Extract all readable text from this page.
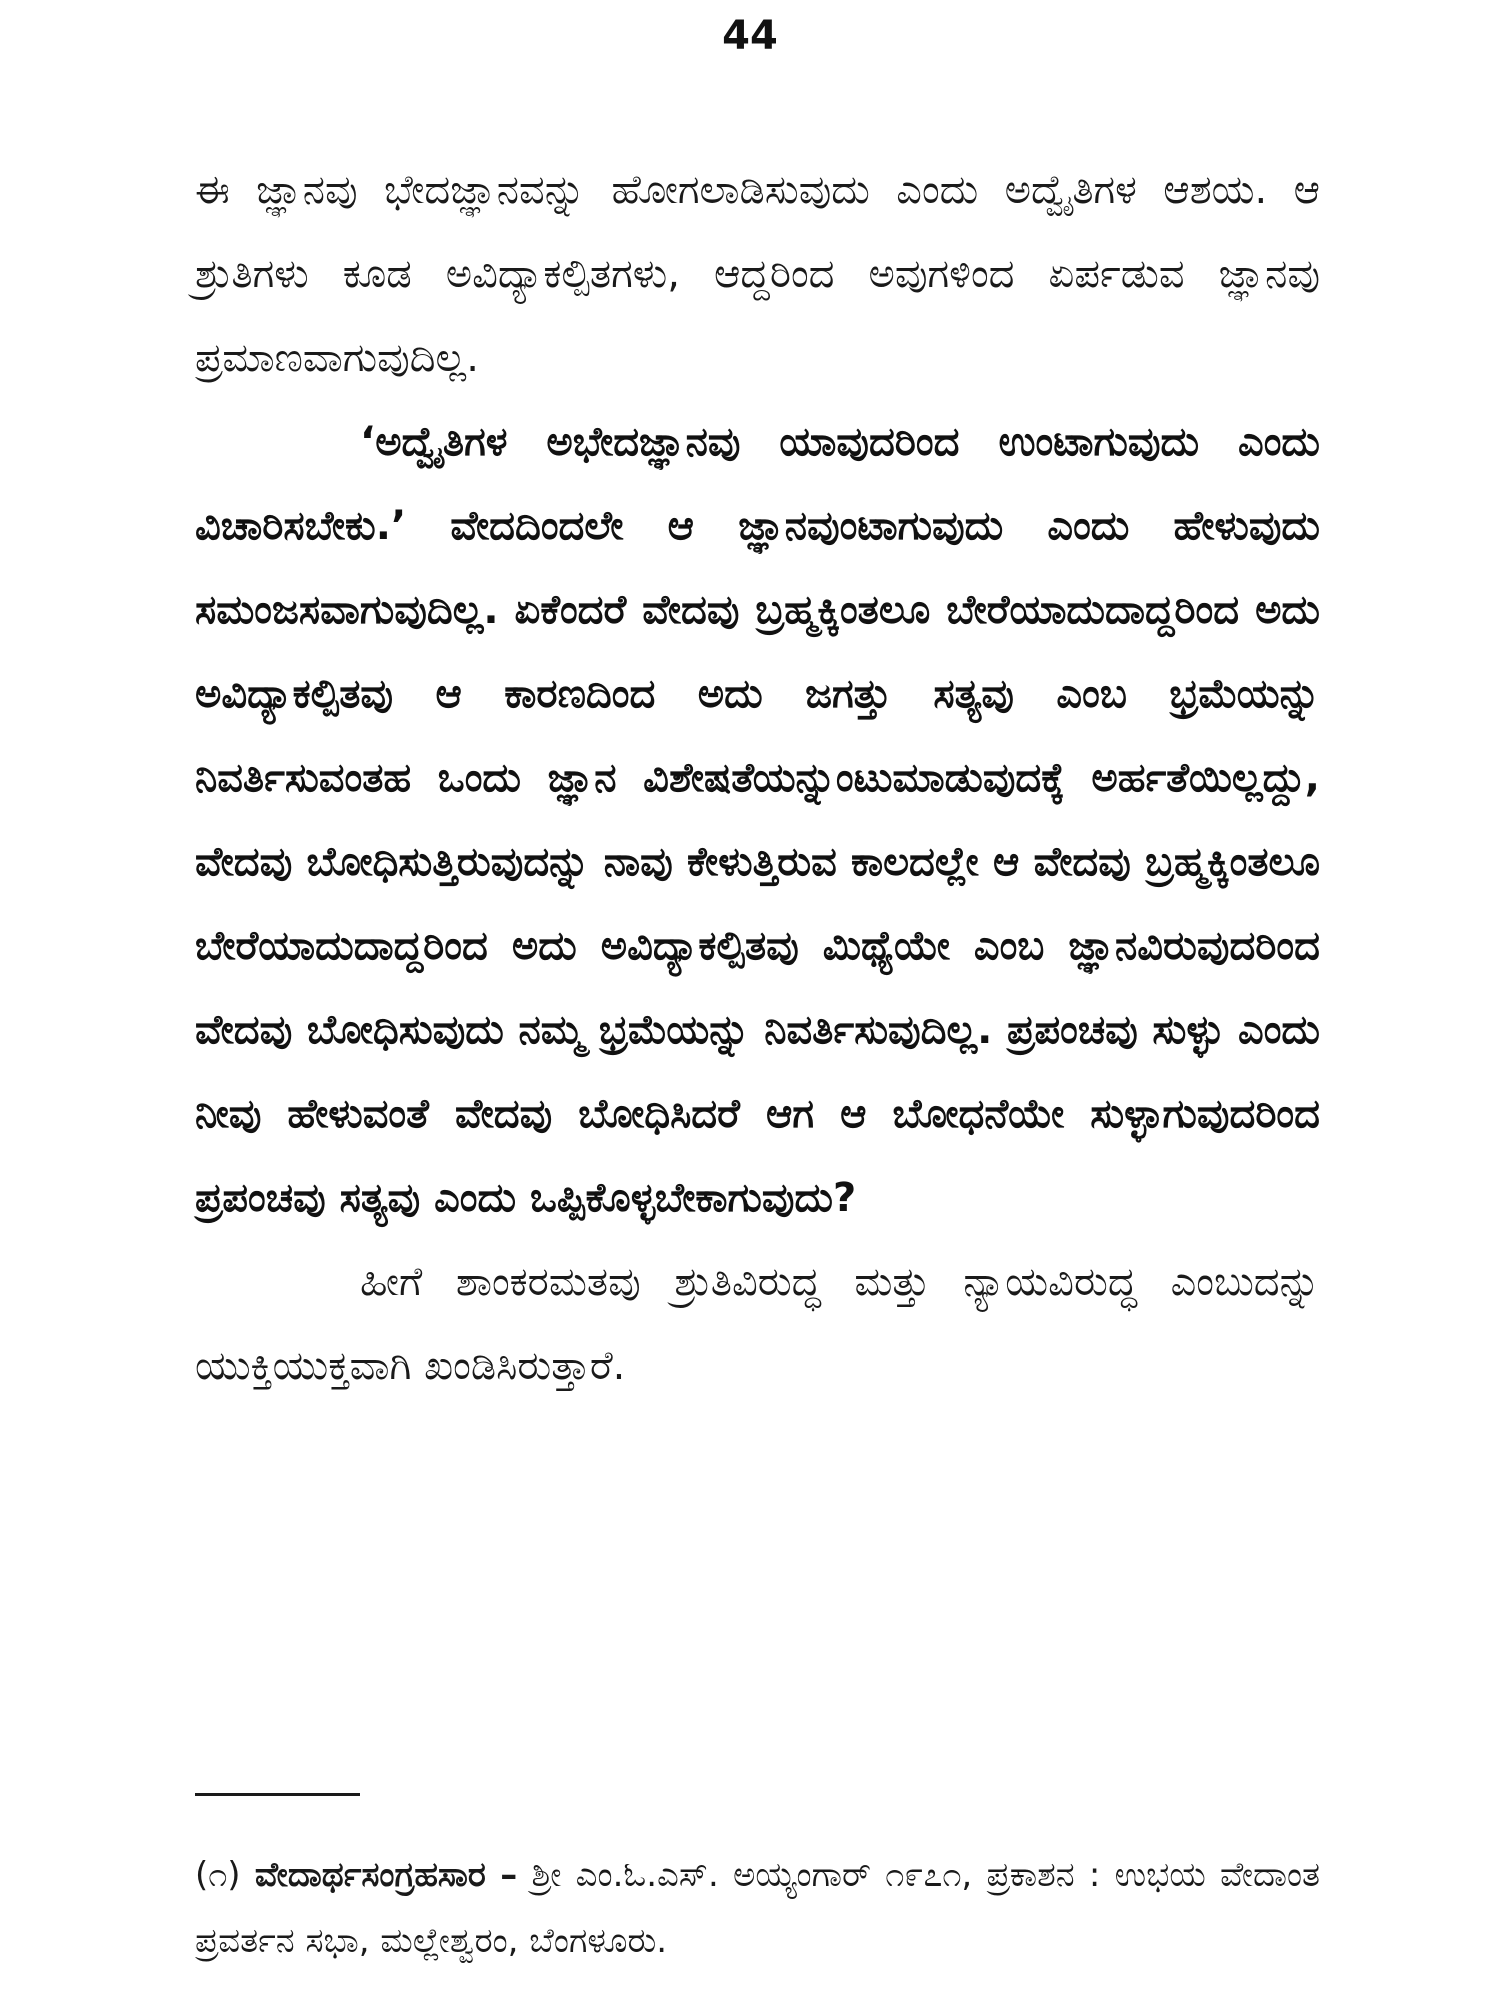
44

ಈ ಜ್ಞಾನವು ಭೇದಜ್ಞಾನವನ್ನು ಹೋಗಲಾಡಿಸುವುದು ಎಂದು ಅದ್ವೈತಿಗಳ ಆಶಯ. ಆ ಶ್ರುತಿಗಳು ಕೂಡ ಅವಿದ್ಯಾಕಲ್ಪಿತಗಳು, ಆದ್ದರಿಂದ ಅವುಗಳಿಂದ ಏರ್ಪಡುವ ಜ್ಞಾನವು ಪ್ರಮಾಣವಾಗುವುದಿಲ್ಲ.

‘ಅದ್ವೈತಿಗಳ ಅಭೇದಜ್ಞಾನವು ಯಾವುದರಿಂದ ಉಂಟಾಗುವುದು ಎಂದು ವಿಚಾರಿಸಬೇಕು.’ ವೇದದಿಂದಲೇ ಆ ಜ್ಞಾನವುಂಟಾಗುವುದು ಎಂದು ಹೇಳುವುದು ಸಮಂಜಸವಾಗುವುದಿಲ್ಲ. ಏಕೆಂದರೆ ವೇದವು ಬ್ರಹ್ಮಕ್ಕಿಂತಲೂ ಬೇರೆಯಾದುದಾದ್ದರಿಂದ ಅದು ಅವಿದ್ಯಾಕಲ್ಪಿತವು ಆ ಕಾರಣದಿಂದ ಅದು ಜಗತ್ತು ಸತ್ಯವು ಎಂಬ ಭ್ರಮೆಯನ್ನು ನಿವರ್ತಿಸುವಂತಹ ಒಂದು ಜ್ಞಾನ ವಿಶೇಷತೆಯನ್ನುಂಟುಮಾಡುವುದಕ್ಕೆ ಅರ್ಹತೆಯಿಲ್ಲದ್ದು, ವೇದವು ಬೋಧಿಸುತ್ತಿರುವುದನ್ನು ನಾವು ಕೇಳುತ್ತಿರುವ ಕಾಲದಲ್ಲೇ ಆ ವೇದವು ಬ್ರಹ್ಮಕ್ಕಿಂತಲೂ ಬೇರೆಯಾದುದಾದ್ದರಿಂದ ಅದು ಅವಿದ್ಯಾಕಲ್ಪಿತವು ಮಿಥ್ಯೆಯೇ ಎಂಬ ಜ್ಞಾನವಿರುವುದರಿಂದ ವೇದವು ಬೋಧಿಸುವುದು ನಮ್ಮ ಭ್ರಮೆಯನ್ನು ನಿವರ್ತಿಸುವುದಿಲ್ಲ. ಪ್ರಪಂಚವು ಸುಳ್ಳು ಎಂದು ನೀವು ಹೇಳುವಂತೆ ವೇದವು ಬೋಧಿಸಿದರೆ ಆಗ ಆ ಬೋಧನೆಯೇ ಸುಳ್ಳಾಗುವುದರಿಂದ ಪ್ರಪಂಚವು ಸತ್ಯವು ಎಂದು ಒಪ್ಪಿಕೊಳ್ಳಬೇಕಾಗುವುದು?

ಹೀಗೆ ಶಾಂಕರಮತವು ಶ್ರುತಿವಿರುದ್ಧ ಮತ್ತು ನ್ಯಾಯವಿರುದ್ಧ ಎಂಬುದನ್ನು ಯುಕ್ತಿಯುಕ್ತವಾಗಿ ಖಂಡಿಸಿರುತ್ತಾರೆ.

(೧) ವೇದಾರ್ಥಸಂಗ್ರಹಸಾರ – ಶ್ರೀ ಎಂ.ಓ.ಎಸ್. ಅಯ್ಯಂಗಾರ್ ೧೯೭೧, ಪ್ರಕಾಶನ : ಉಭಯ ವೇದಾಂತ ಪ್ರವರ್ತನ ಸಭಾ, ಮಲ್ಲೇಶ್ವರಂ, ಬೆಂಗಳೂರು.
